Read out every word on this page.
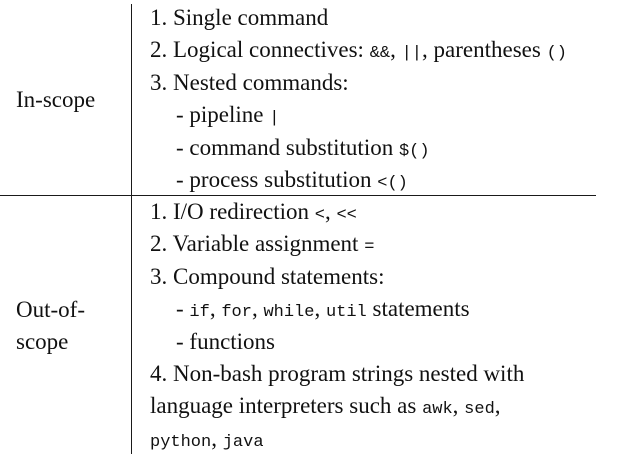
In-scope
1. Single command
2. Logical connectives: &&, ||, parentheses ()
3. Nested commands:
- pipeline |
- command substitution $()
- process substitution <()
Out-of-
scope
1. I/O redirection <, <<
2. Variable assignment =
3. Compound statements:
- if, for, while, util statements
- functions
4. Non-bash program strings nested with
language interpreters such as awk, sed,
python, java
